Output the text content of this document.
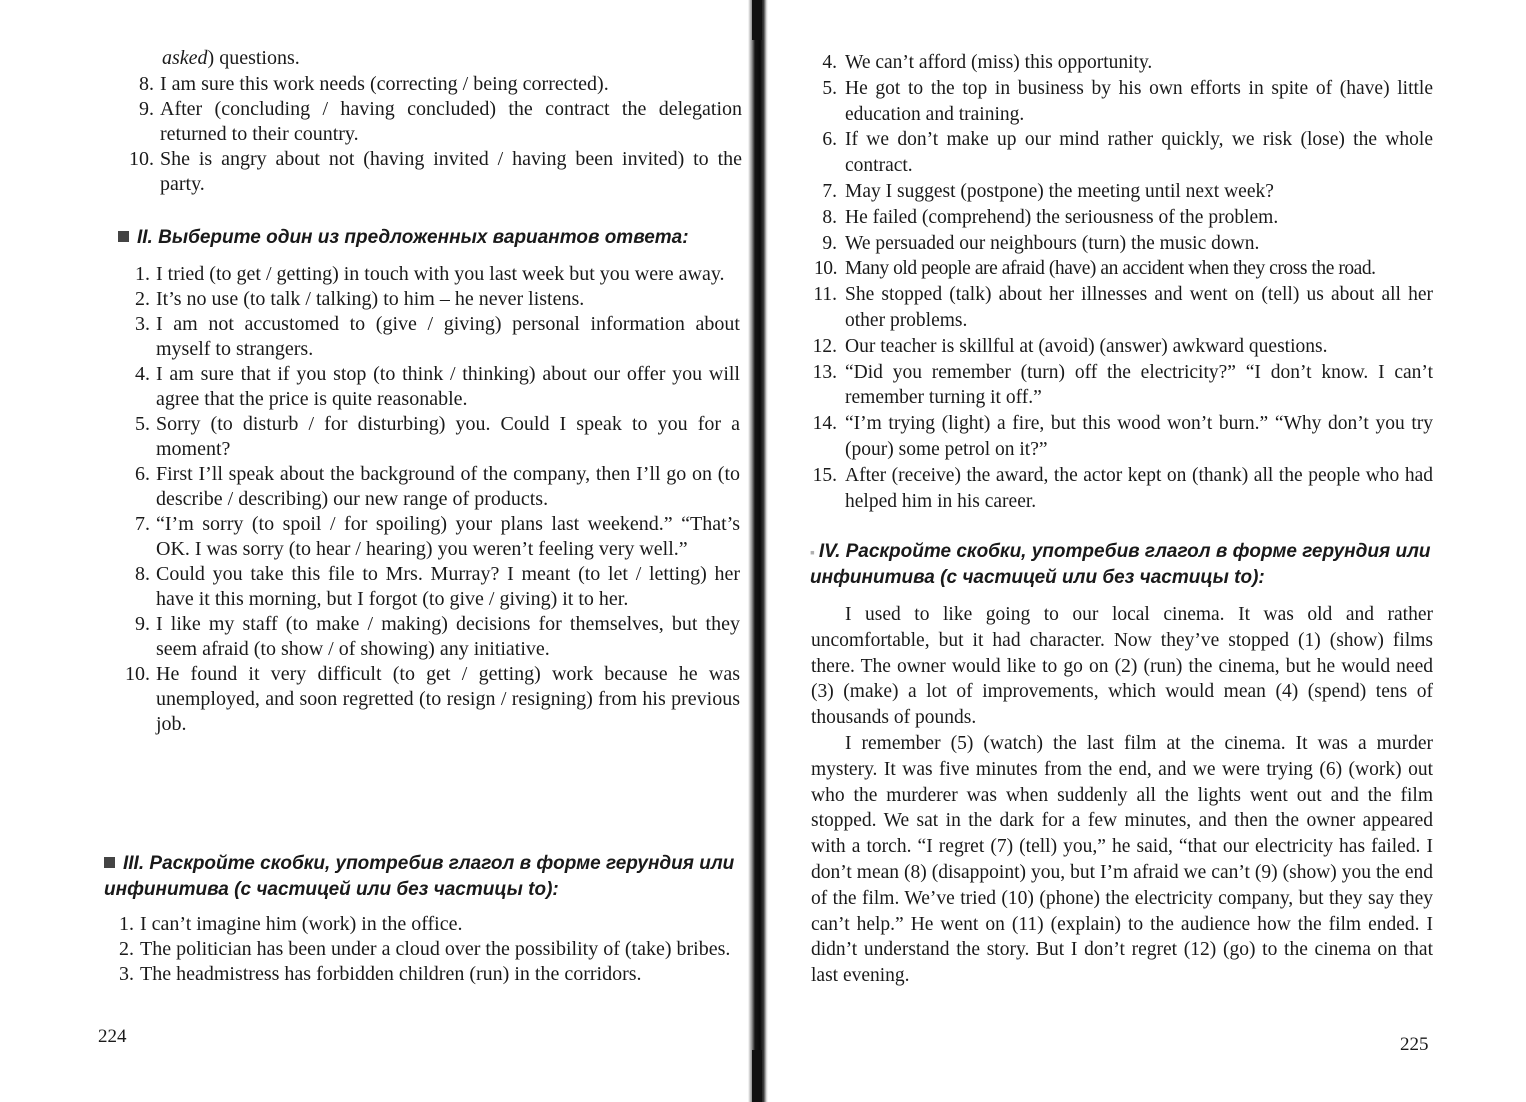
asked) questions.
8. I am sure this work needs (correcting / being corrected).
9. After (concluding / having concluded) the contract the delegation returned to their country.
10. She is angry about not (having invited / having been invited) to the party.
II. Выберите один из предложенных вариантов ответа:
1. I tried (to get / getting) in touch with you last week but you were away.
2. It’s no use (to talk / talking) to him – he never listens.
3. I am not accustomed to (give / giving) personal information about myself to strangers.
4. I am sure that if you stop (to think / thinking) about our offer you will agree that the price is quite reasonable.
5. Sorry (to disturb / for disturbing) you. Could I speak to you for a moment?
6. First I’ll speak about the background of the company, then I’ll go on (to describe / describing) our new range of products.
7. “I’m sorry (to spoil / for spoiling) your plans last weekend.” “That’s OK. I was sorry (to hear / hearing) you weren’t feeling very well.”
8. Could you take this file to Mrs. Murray? I meant (to let / letting) her have it this morning, but I forgot (to give / giving) it to her.
9. I like my staff (to make / making) decisions for themselves, but they seem afraid (to show / of showing) any initiative.
10. He found it very difficult (to get / getting) work because he was unemployed, and soon regretted (to resign / resigning) from his previous job.
III. Раскройте скобки, употребив глагол в форме герундия или
инфинитива (с частицей или без частицы to):
1. I can’t imagine him (work) in the office.
2. The politician has been under a cloud over the possibility of (take) bribes.
3. The headmistress has forbidden children (run) in the corridors.
224
4. We can’t afford (miss) this opportunity.
5. He got to the top in business by his own efforts in spite of (have) little education and training.
6. If we don’t make up our mind rather quickly, we risk (lose) the whole contract.
7. May I suggest (postpone) the meeting until next week?
8. He failed (comprehend) the seriousness of the problem.
9. We persuaded our neighbours (turn) the music down.
10. Many old people are afraid (have) an accident when they cross the road.
11. She stopped (talk) about her illnesses and went on (tell) us about all her other problems.
12. Our teacher is skillful at (avoid) (answer) awkward questions.
13. “Did you remember (turn) off the electricity?” “I don’t know. I can’t remember turning it off.”
14. “I’m trying (light) a fire, but this wood won’t burn.” “Why don’t you try (pour) some petrol on it?”
15. After (receive) the award, the actor kept on (thank) all the people who had helped him in his career.
▪ IV. Раскройте скобки, употребив глагол в форме герундия или
инфинитива (с частицей или без частицы to):

I used to like going to our local cinema. It was old and rather uncomfortable, but it had character. Now they’ve stopped (1) (show) films there. The owner would like to go on (2) (run) the cinema, but he would need (3) (make) a lot of improvements, which would mean (4) (spend) tens of thousands of pounds.

I remember (5) (watch) the last film at the cinema. It was a murder mystery. It was five minutes from the end, and we were trying (6) (work) out who the murderer was when suddenly all the lights went out and the film stopped. We sat in the dark for a few minutes, and then the owner appeared with a torch. “I regret (7) (tell) you,” he said, “that our electricity has failed. I don’t mean (8) (disappoint) you, but I’m afraid we can’t (9) (show) you the end of the film. We’ve tried (10) (phone) the electricity company, but they say they can’t help.” He went on (11) (explain) to the audience how the film ended. I didn’t understand the story. But I don’t regret (12) (go) to the cinema on that last evening.

225
